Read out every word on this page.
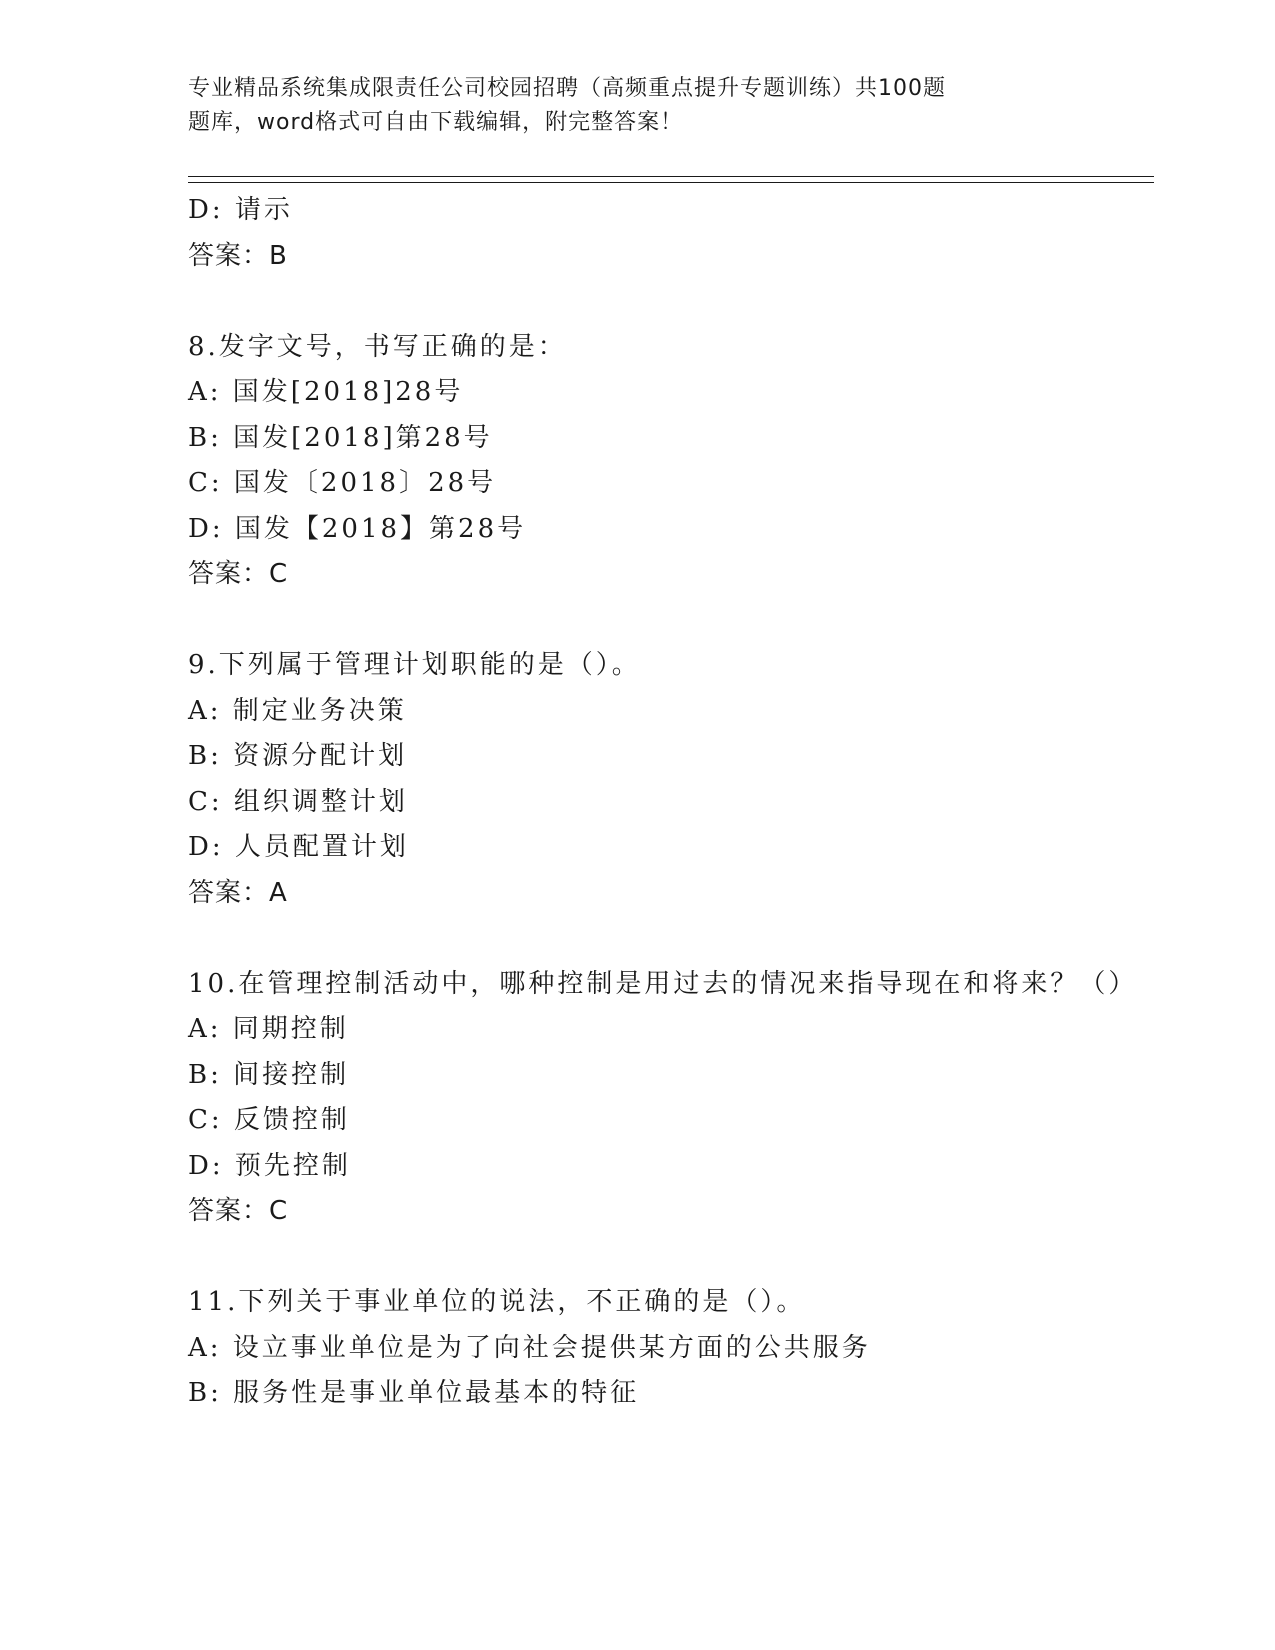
专业精品系统集成限责任公司校园招聘（高频重点提升专题训练）共100题
题库，word格式可自由下载编辑，附完整答案！
D: 请示
答案：B
8.发字文号，书写正确的是：
A: 国发[2018]28号
B: 国发[2018]第28号
C: 国发〔2018〕28号
D: 国发【2018】第28号
答案：C
9.下列属于管理计划职能的是（）。
A: 制定业务决策
B: 资源分配计划
C: 组织调整计划
D: 人员配置计划
答案：A
10.在管理控制活动中，哪种控制是用过去的情况来指导现在和将来？（）
A: 同期控制
B: 间接控制
C: 反馈控制
D: 预先控制
答案：C
11.下列关于事业单位的说法，不正确的是（）。
A: 设立事业单位是为了向社会提供某方面的公共服务
B: 服务性是事业单位最基本的特征
